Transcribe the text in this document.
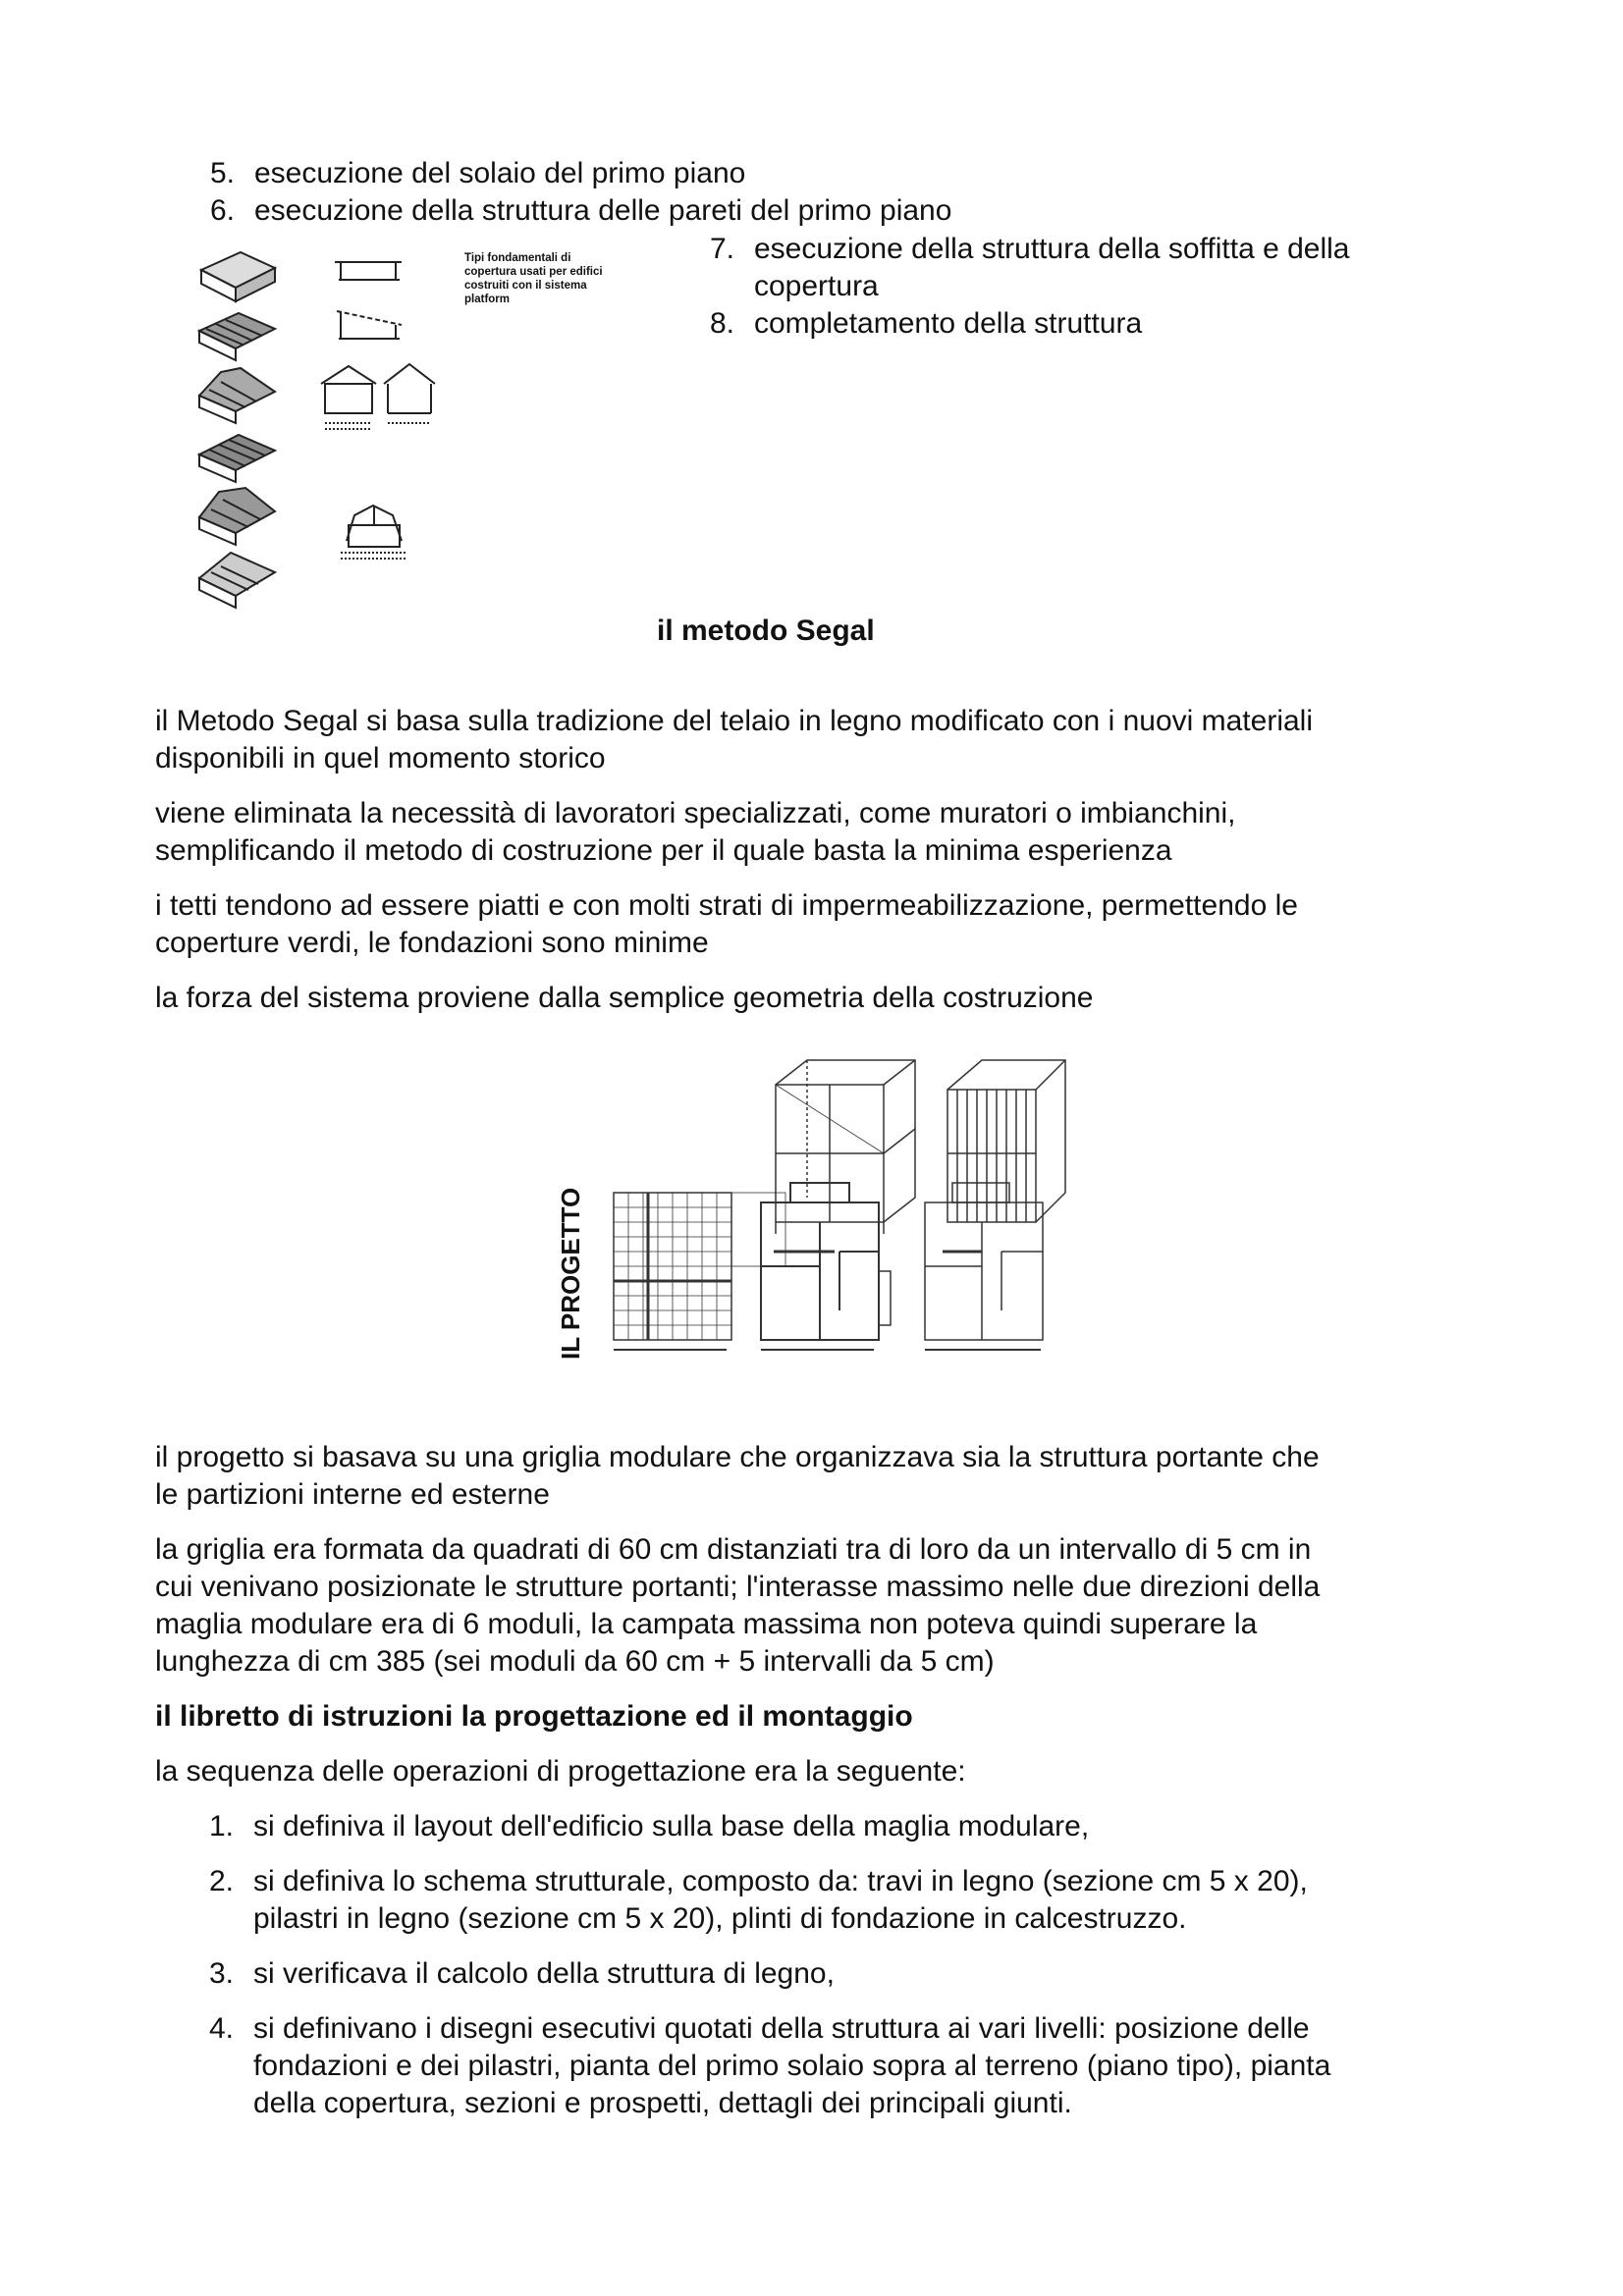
5. esecuzione del solaio del primo piano
6. esecuzione della struttura delle pareti del primo piano
7. esecuzione della struttura della soffitta e della
copertura
8. completamento della struttura
Tipi fondamentali di
copertura usati per edifici
costruiti con il sistema
platform
il metodo Segal
il Metodo Segal si basa sulla tradizione del telaio in legno modificato con i nuovi materiali
disponibili in quel momento storico
viene eliminata la necessità di lavoratori specializzati, come muratori o imbianchini,
semplificando il metodo di costruzione per il quale basta la minima esperienza
i tetti tendono ad essere piatti e con molti strati di impermeabilizzazione, permettendo le
coperture verdi, le fondazioni sono minime
la forza del sistema proviene dalla semplice geometria della costruzione
IL PROGETTO
il progetto si basava su una griglia modulare che organizzava sia la struttura portante che
le partizioni interne ed esterne
la griglia era formata da quadrati di 60 cm distanziati tra di loro da un intervallo di 5 cm in
cui venivano posizionate le strutture portanti; l'interasse massimo nelle due direzioni della
maglia modulare era di 6 moduli, la campata massima non poteva quindi superare la
lunghezza di cm 385 (sei moduli da 60 cm + 5 intervalli da 5 cm)
il libretto di istruzioni la progettazione ed il montaggio
la sequenza delle operazioni di progettazione era la seguente:
1. si definiva il layout dell'edificio sulla base della maglia modulare,
2. si definiva lo schema strutturale, composto da: travi in legno (sezione cm 5 x 20),
pilastri in legno (sezione cm 5 x 20), plinti di fondazione in calcestruzzo.
3. si verificava il calcolo della struttura di legno,
4. si definivano i disegni esecutivi quotati della struttura ai vari livelli: posizione delle
fondazioni e dei pilastri, pianta del primo solaio sopra al terreno (piano tipo), pianta
della copertura, sezioni e prospetti, dettagli dei principali giunti.
